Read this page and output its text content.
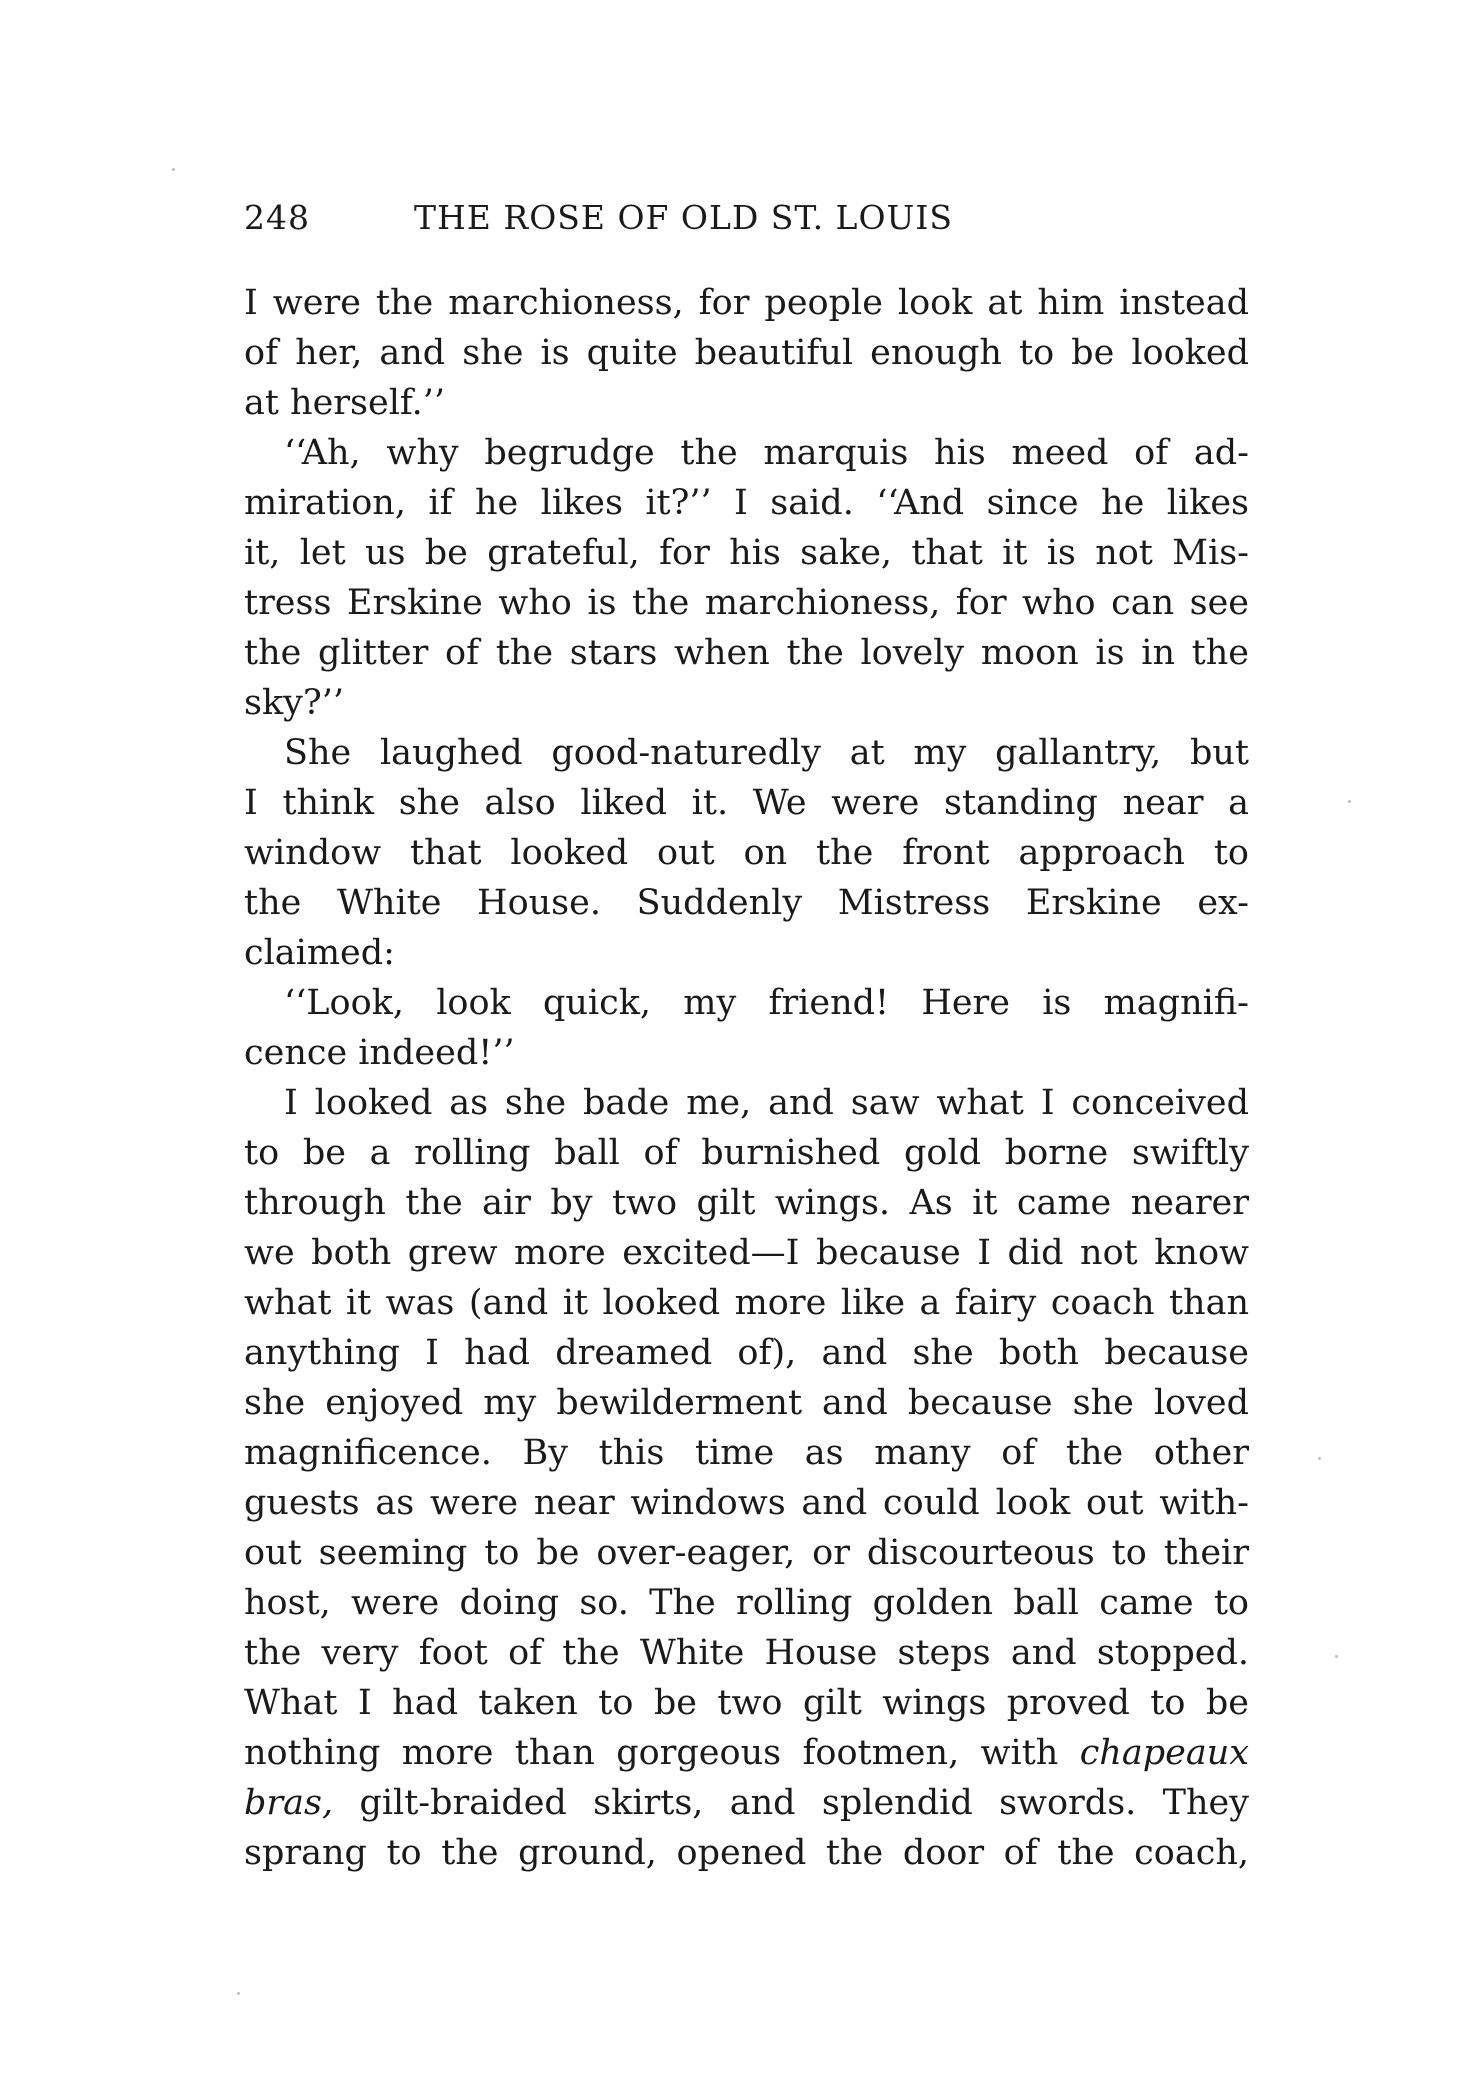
248	THE ROSE OF OLD ST. LOUIS
I were the marchioness, for people look at him instead
of her, and she is quite beautiful enough to be looked
at herself.’’
‘‘Ah, why begrudge the marquis his meed of ad-
miration, if he likes it?’’ I said. ‘‘And since he likes
it, let us be grateful, for his sake, that it is not Mis-
tress Erskine who is the marchioness, for who can see
the glitter of the stars when the lovely moon is in the
sky?’’
She laughed good-naturedly at my gallantry, but
I think she also liked it. We were standing near a
window that looked out on the front approach to
the White House. Suddenly Mistress Erskine ex-
claimed:
‘‘Look, look quick, my friend! Here is magnifi-
cence indeed!’’
I looked as she bade me, and saw what I conceived
to be a rolling ball of burnished gold borne swiftly
through the air by two gilt wings. As it came nearer
we both grew more excited—I because I did not know
what it was (and it looked more like a fairy coach than
anything I had dreamed of), and she both because
she enjoyed my bewilderment and because she loved
magnificence. By this time as many of the other
guests as were near windows and could look out with-
out seeming to be over-eager, or discourteous to their
host, were doing so. The rolling golden ball came to
the very foot of the White House steps and stopped.
What I had taken to be two gilt wings proved to be
nothing more than gorgeous footmen, with chapeaux
bras, gilt-braided skirts, and splendid swords. They
sprang to the ground, opened the door of the coach,
